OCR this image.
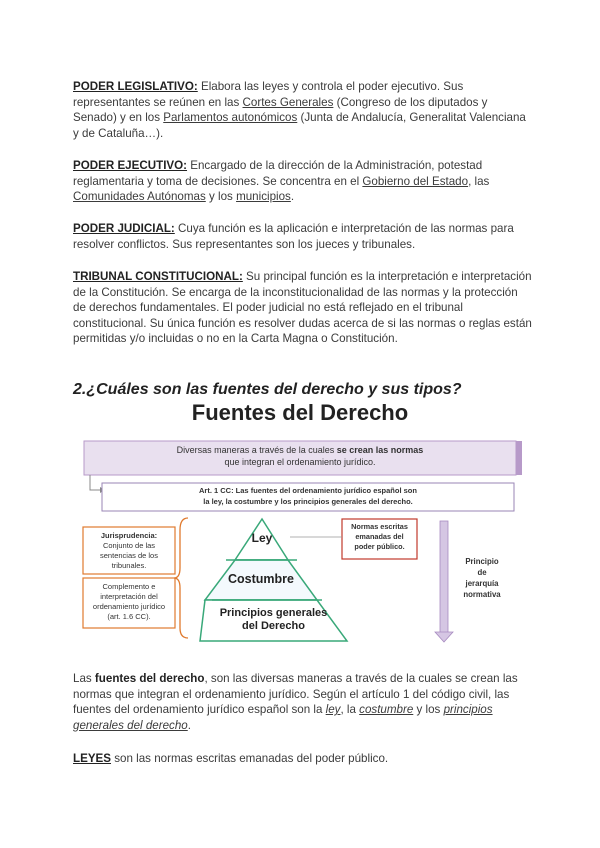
PODER LEGISLATIVO: Elabora las leyes y controla el poder ejecutivo. Sus representantes se reúnen en las Cortes Generales (Congreso de los diputados y Senado) y en los Parlamentos autonómicos (Junta de Andalucía, Generalitat Valenciana y de Cataluña…).
PODER EJECUTIVO: Encargado de la dirección de la Administración, potestad reglamentaria y toma de decisiones. Se concentra en el Gobierno del Estado, las Comunidades Autónomas y los municipios.
PODER JUDICIAL: Cuya función es la aplicación e interpretación de las normas para resolver conflictos. Sus representantes son los jueces y tribunales.
TRIBUNAL CONSTITUCIONAL: Su principal función es la interpretación e interpretación de la Constitución. Se encarga de la inconstitucionalidad de las normas y la protección de derechos fundamentales. El poder judicial no está reflejado en el tribunal constitucional. Su única función es resolver dudas acerca de si las normas o reglas están permitidas y/o incluidas o no en la Carta Magna o Constitución.
2.¿Cuáles son las fuentes del derecho y sus tipos?
Fuentes del Derecho
Diversas maneras a través de la cuales se crean las normas
que integran el ordenamiento jurídico.
Art. 1 CC: Las fuentes del ordenamiento jurídico español son
la ley, la costumbre y los principios generales del derecho.
Jurisprudencia:
Conjunto de las
sentencias de los
tribunales.
Complemento e
interpretación del
ordenamiento jurídico
(art. 1.6 CC).
Ley
Costumbre
Principios generales
del Derecho
Normas escritas
emanadas del
poder público.
Principio
de
jerarquía
normativa
Las fuentes del derecho, son las diversas maneras a través de la cuales se crean las normas que integran el ordenamiento jurídico. Según el artículo 1 del código civil, las fuentes del ordenamiento jurídico español son la ley, la costumbre y los principios generales del derecho.
LEYES son las normas escritas emanadas del poder público.
